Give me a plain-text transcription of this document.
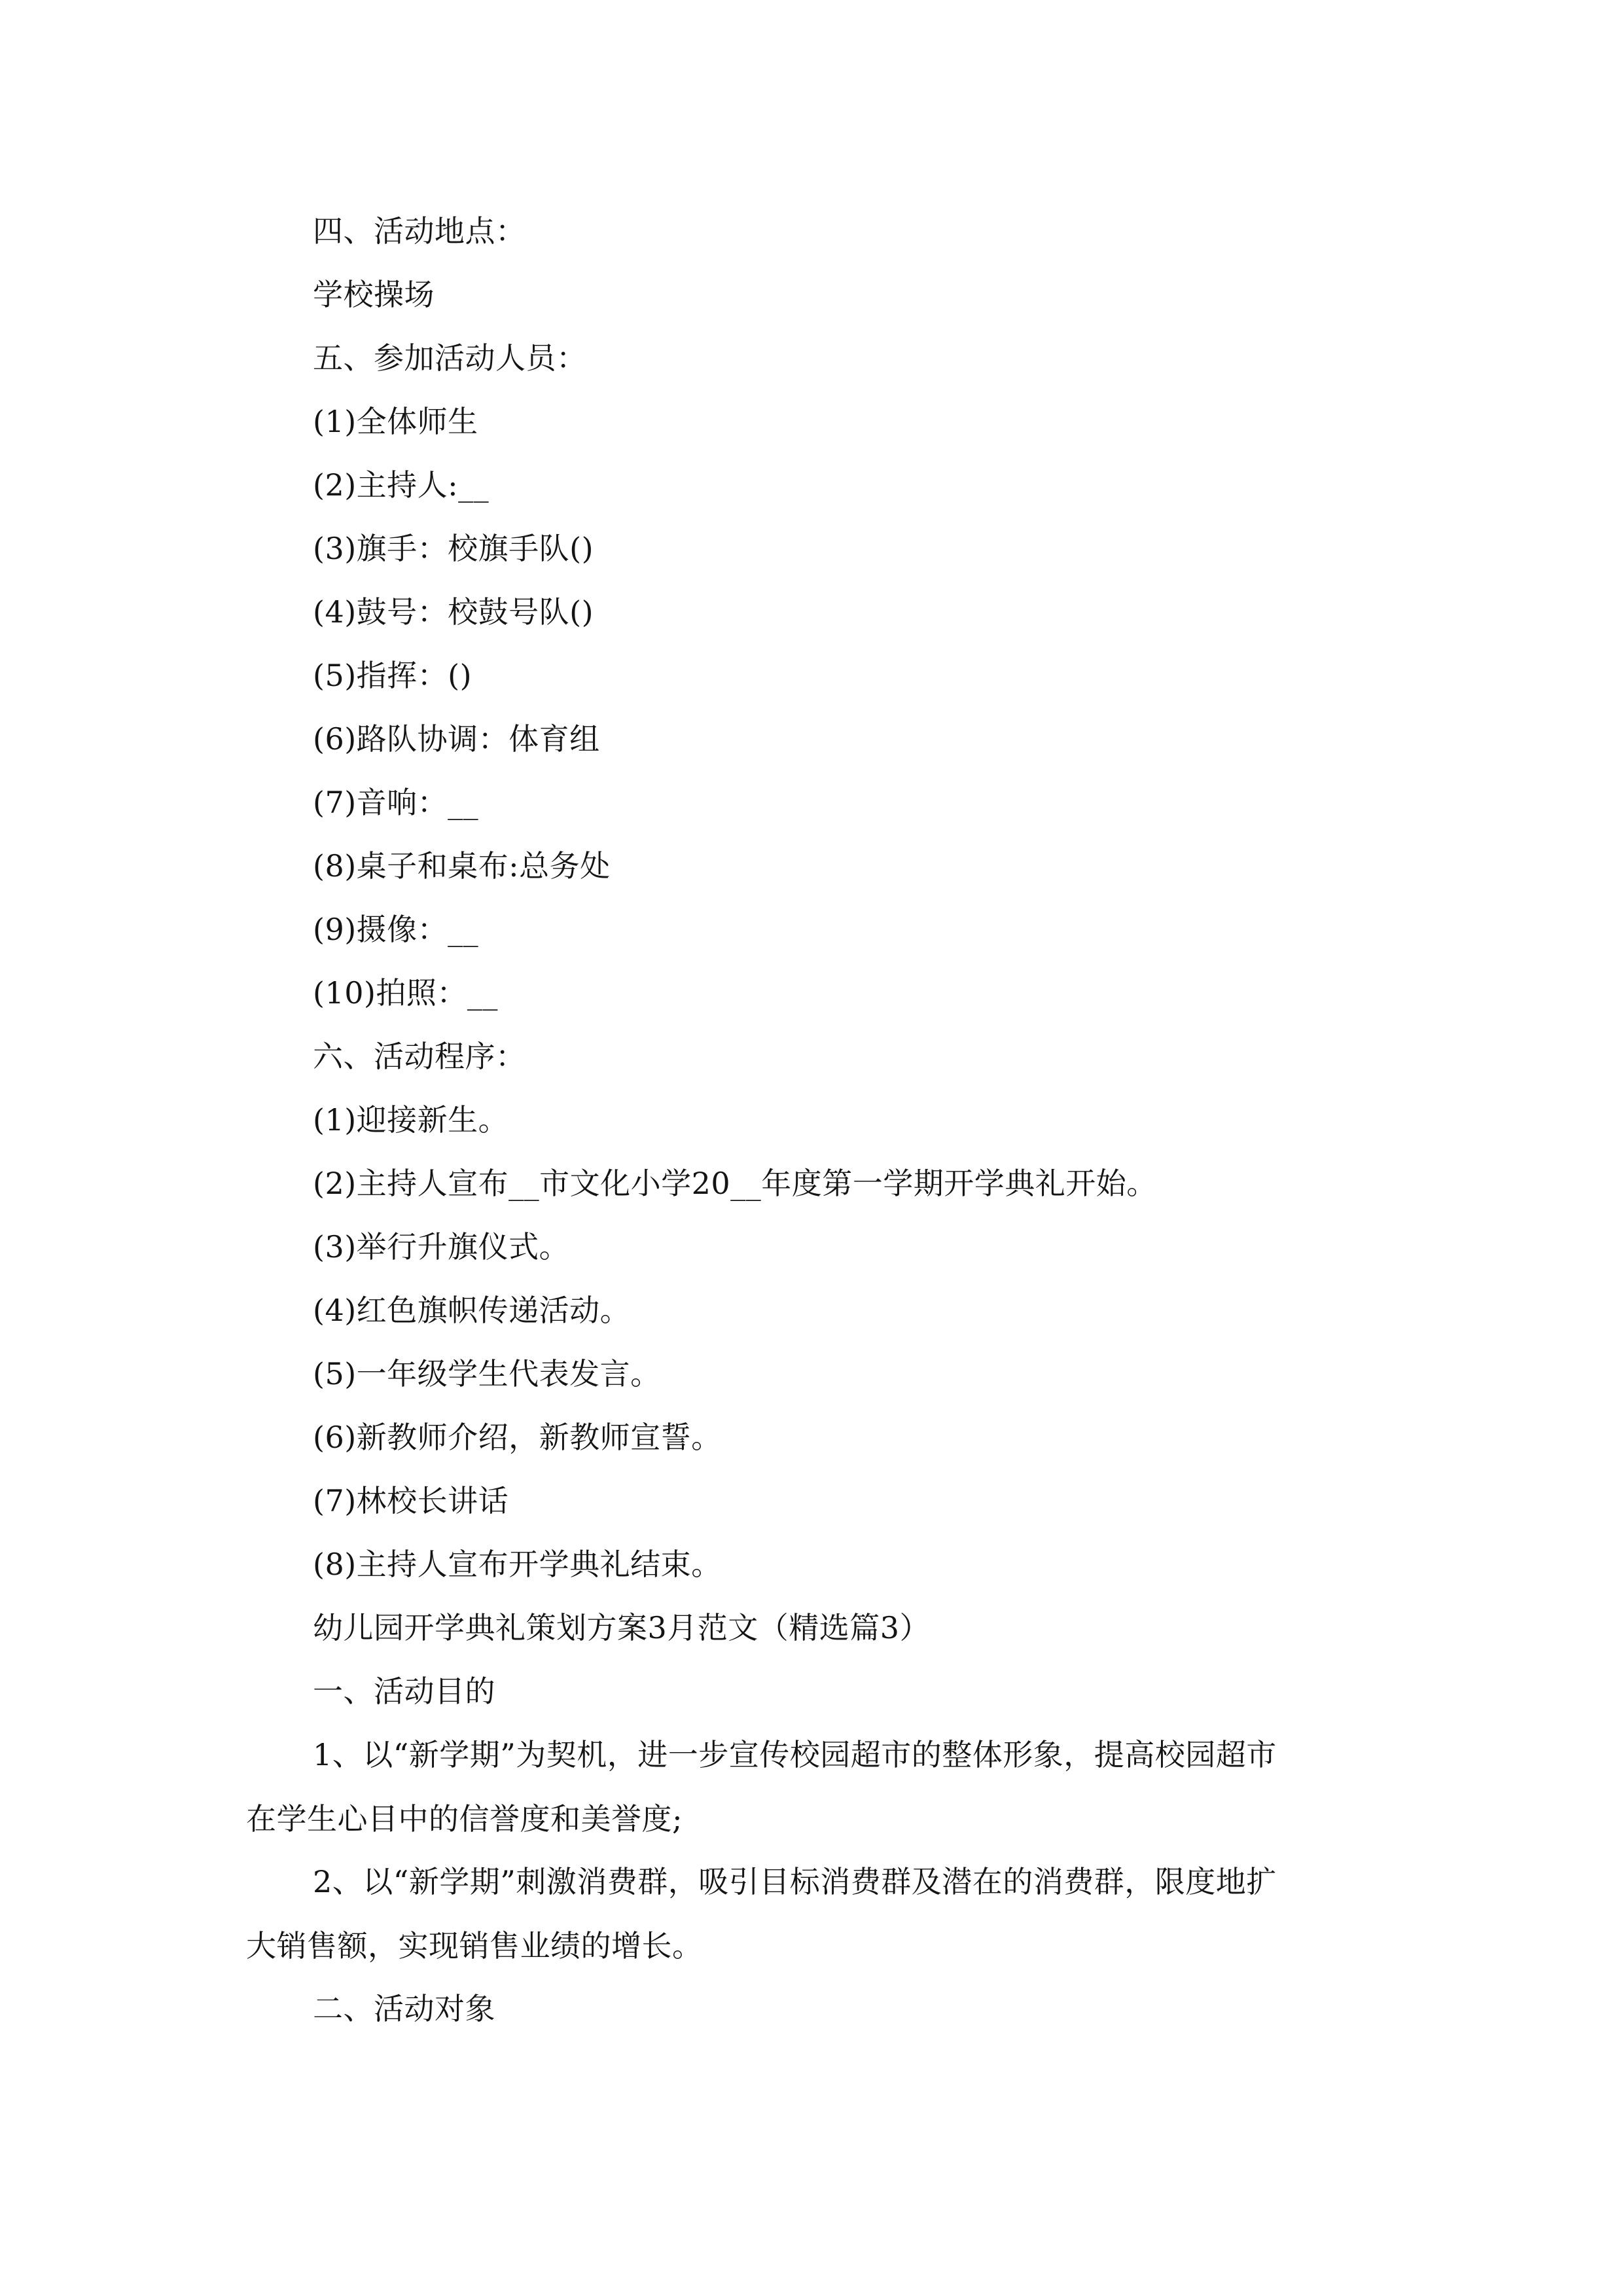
四、活动地点：
学校操场
五、参加活动人员：
(1)全体师生
(2)主持人:__
(3)旗手：校旗手队()
(4)鼓号：校鼓号队()
(5)指挥：()
(6)路队协调：体育组
(7)音响：__
(8)桌子和桌布:总务处
(9)摄像：__
(10)拍照：__
六、活动程序：
(1)迎接新生。
(2)主持人宣布__市文化小学20__年度第一学期开学典礼开始。
(3)举行升旗仪式。
(4)红色旗帜传递活动。
(5)一年级学生代表发言。
(6)新教师介绍，新教师宣誓。
(7)林校长讲话
(8)主持人宣布开学典礼结束。
幼儿园开学典礼策划方案3月范文（精选篇3）
一、活动目的
1、以“新学期”为契机，进一步宣传校园超市的整体形象，提高校园超市
在学生心目中的信誉度和美誉度;
2、以“新学期”刺激消费群，吸引目标消费群及潜在的消费群，限度地扩
大销售额，实现销售业绩的增长。
二、活动对象
